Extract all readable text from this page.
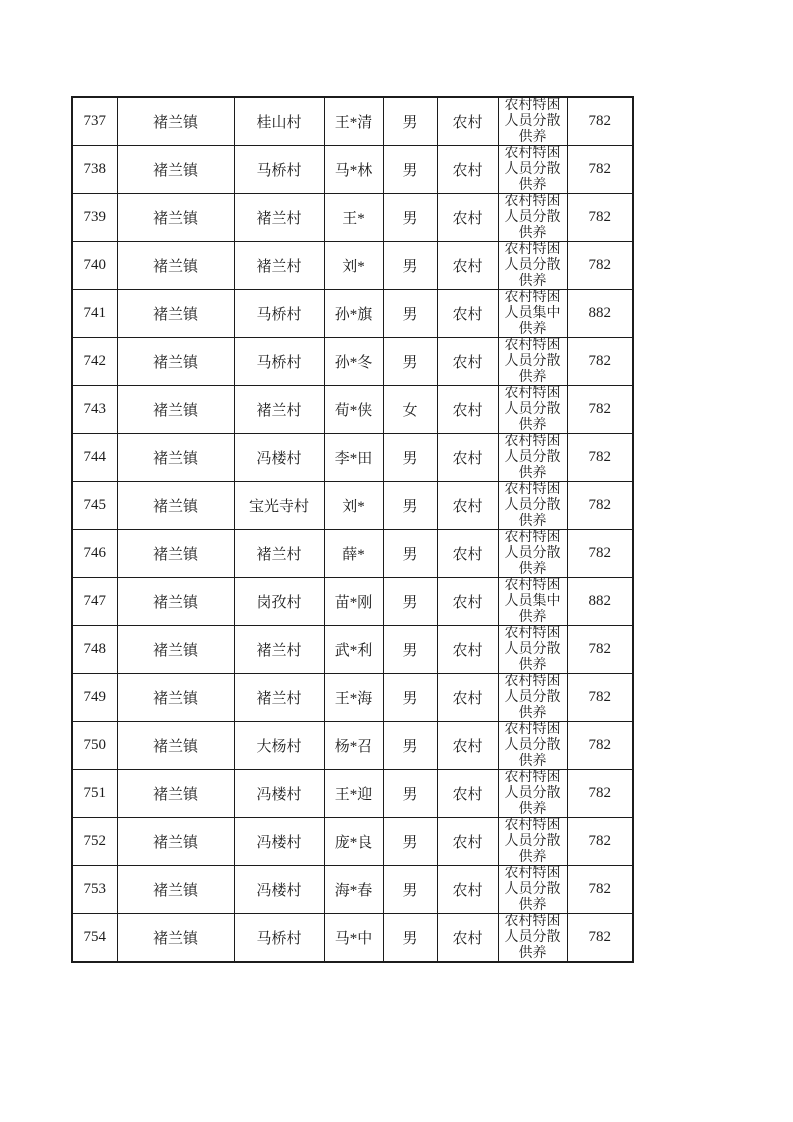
737	褚兰镇	桂山村	王*清	男	农村	农村特困人员分散供养	782
738	褚兰镇	马桥村	马*林	男	农村	农村特困人员分散供养	782
739	褚兰镇	褚兰村	王*	男	农村	农村特困人员分散供养	782
740	褚兰镇	褚兰村	刘*	男	农村	农村特困人员分散供养	782
741	褚兰镇	马桥村	孙*旗	男	农村	农村特困人员集中供养	882
742	褚兰镇	马桥村	孙*冬	男	农村	农村特困人员分散供养	782
743	褚兰镇	褚兰村	荀*侠	女	农村	农村特困人员分散供养	782
744	褚兰镇	冯楼村	李*田	男	农村	农村特困人员分散供养	782
745	褚兰镇	宝光寺村	刘*	男	农村	农村特困人员分散供养	782
746	褚兰镇	褚兰村	薛*	男	农村	农村特困人员分散供养	782
747	褚兰镇	岗孜村	苗*刚	男	农村	农村特困人员集中供养	882
748	褚兰镇	褚兰村	武*利	男	农村	农村特困人员分散供养	782
749	褚兰镇	褚兰村	王*海	男	农村	农村特困人员分散供养	782
750	褚兰镇	大杨村	杨*召	男	农村	农村特困人员分散供养	782
751	褚兰镇	冯楼村	王*迎	男	农村	农村特困人员分散供养	782
752	褚兰镇	冯楼村	庞*良	男	农村	农村特困人员分散供养	782
753	褚兰镇	冯楼村	海*春	男	农村	农村特困人员分散供养	782
754	褚兰镇	马桥村	马*中	男	农村	农村特困人员分散供养	782
